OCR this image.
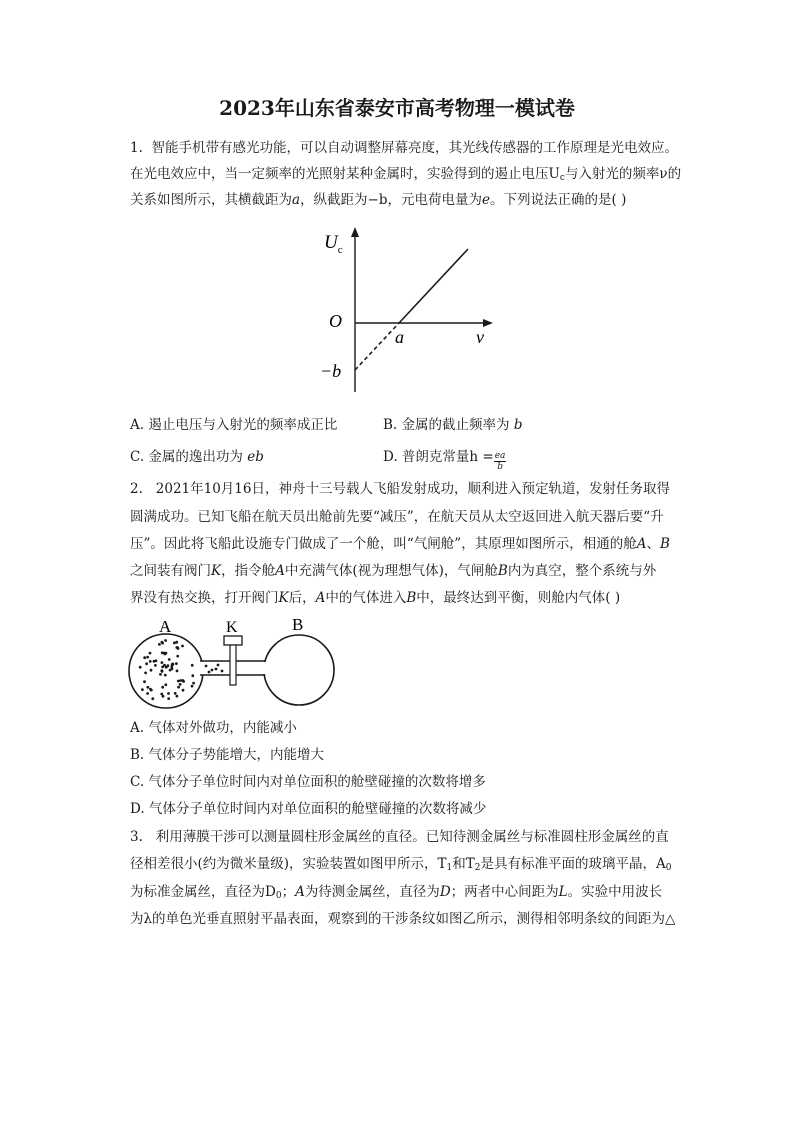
2023年山东省泰安市高考物理一模试卷
1. 智能手机带有感光功能，可以自动调整屏幕亮度，其光线传感器的工作原理是光电效应。
在光电效应中，当一定频率的光照射某种金属时，实验得到的遏止电压$U_c$与入射光的频率ν的
关系如图所示，其横截距为a，纵截距为−b，元电荷电量为e。下列说法正确的是( )
$U_c$
O
a	ν
−b
A. 遏止电压与入射光的频率成正比	B. 金属的截止频率为 b
C. 金属的逸出功为 eb	D. 普朗克常量$h = \frac{ea}{b}$
2. 2021年10月16日，神舟十三号载人飞船发射成功，顺利进入预定轨道，发射任务取得
圆满成功。已知飞船在航天员出舱前先要“减压”，在航天员从太空返回进入航天器后要“升
压”。因此将飞船此设施专门做成了一个舱，叫“气闸舱”，其原理如图所示，相通的舱A、B
之间装有阀门K，指令舱A中充满气体(视为理想气体)，气闸舱B内为真空，整个系统与外
界没有热交换，打开阀门K后，A中的气体进入B中，最终达到平衡，则舱内气体( )
A	K	B
A. 气体对外做功，内能减小
B. 气体分子势能增大，内能增大
C. 气体分子单位时间内对单位面积的舱壁碰撞的次数将增多
D. 气体分子单位时间内对单位面积的舱壁碰撞的次数将减少
3. 利用薄膜干涉可以测量圆柱形金属丝的直径。已知待测金属丝与标准圆柱形金属丝的直
径相差很小(约为微米量级)，实验装置如图甲所示，$T_1$和$T_2$是具有标准平面的玻璃平晶，$A_0$
为标准金属丝，直径为$D_0$；A为待测金属丝，直径为D；两者中心间距为L。实验中用波长
为λ的单色光垂直照射平晶表面，观察到的干涉条纹如图乙所示，测得相邻明条纹的间距为△
